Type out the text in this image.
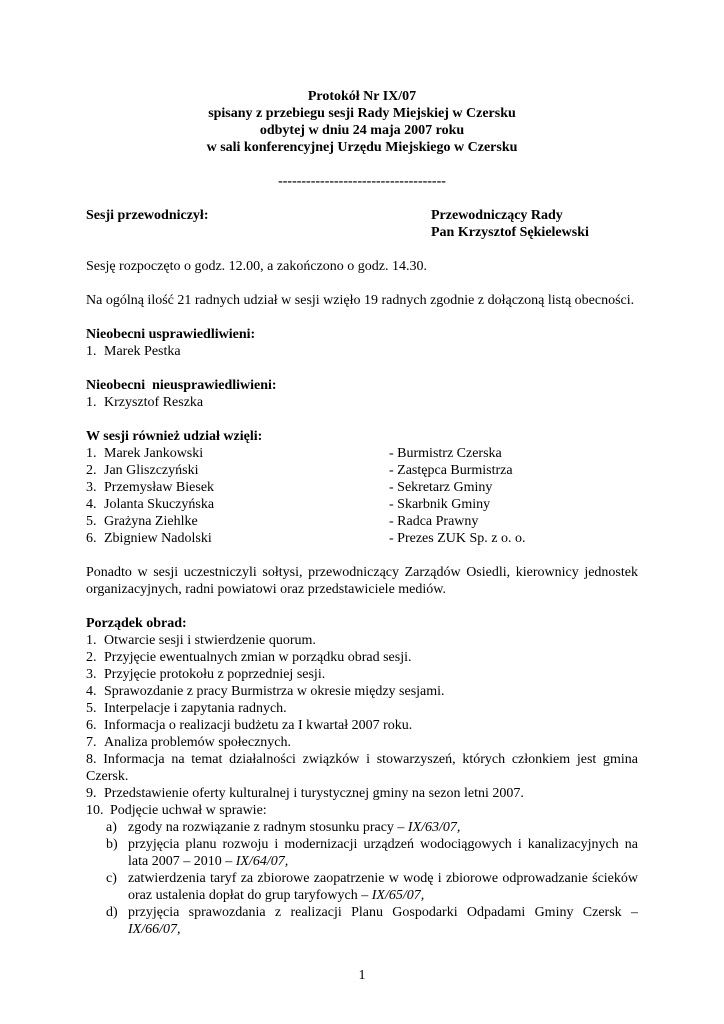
Protokół Nr IX/07
spisany z przebiegu sesji Rady Miejskiej w Czersku
odbytej w dniu 24 maja 2007 roku
w sali konferencyjnej Urzędu Miejskiego w Czersku
------------------------------------
Sesji przewodniczył:	Przewodniczący Rady
Pan Krzysztof Sękielewski
Sesję rozpoczęto o godz. 12.00, a zakończono o godz. 14.30.
Na ogólną ilość 21 radnych udział w sesji wzięło 19 radnych zgodnie z dołączoną listą obecności.
Nieobecni usprawiedliwieni:
1. Marek Pestka
Nieobecni  nieusprawiedliwieni:
1. Krzysztof Reszka
W sesji również udział wzięli:
1. Marek Jankowski	- Burmistrz Czerska
2. Jan Gliszczyński	- Zastępca Burmistrza
3. Przemysław Biesek	- Sekretarz Gminy
4. Jolanta Skuczyńska	- Skarbnik Gminy
5. Grażyna Ziehlke	- Radca Prawny
6. Zbigniew Nadolski	- Prezes ZUK Sp. z o. o.
Ponadto w sesji uczestniczyli sołtysi, przewodniczący Zarządów Osiedli, kierownicy jednostek organizacyjnych, radni powiatowi oraz przedstawiciele mediów.
Porządek obrad:
1. Otwarcie sesji i stwierdzenie quorum.
2. Przyjęcie ewentualnych zmian w porządku obrad sesji.
3. Przyjęcie protokołu z poprzedniej sesji.
4. Sprawozdanie z pracy Burmistrza w okresie między sesjami.
5. Interpelacje i zapytania radnych.
6. Informacja o realizacji budżetu za I kwartał 2007 roku.
7. Analiza problemów społecznych.
8. Informacja na temat działalności związków i stowarzyszeń, których członkiem jest gmina Czersk.
9. Przedstawienie oferty kulturalnej i turystycznej gminy na sezon letni 2007.
10. Podjęcie uchwał w sprawie:
a) zgody na rozwiązanie z radnym stosunku pracy – IX/63/07,
b) przyjęcia planu rozwoju i modernizacji urządzeń wodociągowych i kanalizacyjnych na lata 2007 – 2010 – IX/64/07,
c) zatwierdzenia taryf za zbiorowe zaopatrzenie w wodę i zbiorowe odprowadzanie ścieków oraz ustalenia dopłat do grup taryfowych – IX/65/07,
d) przyjęcia sprawozdania z realizacji Planu Gospodarki Odpadami Gminy Czersk – IX/66/07,
1
